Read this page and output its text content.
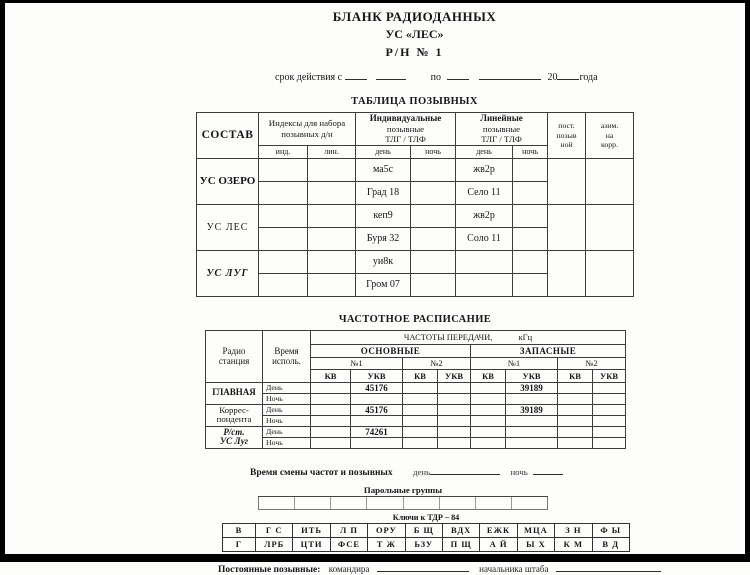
БЛАНК РАДИОДАННЫХ
УС «ЛЕС»
Р/Н № 1
срок действия с	по	20 года
ТАБЛИЦА ПОЗЫВНЫХ
СОСТАВ	
Индексы для набора
позывных д/н

Индивидуальные
позывные
ТЛГ / ТЛФ

Линейные
позывные
ТЛГ / ТЛФ

пост.
позыв
ной

азим.
на
корр.

	инд.	лин.	день	ночь	день	ночь		
УС ОЗЕРО			ма5с		жв2р			
			Град 18		Село 11			
УС ЛЕС			кеп9		жв2р			
			Буря 32		Соло 11			
УС ЛУГ			уи8к					
			Гром 07					
ЧАСТОТНОЕ РАСПИСАНИЕ
Радио
станция

Время
исполь.
	ЧАСТОТЫ ПЕРЕДАЧИ,	кГц
		ОСНОВНЫЕ				ЗАПАСНЫЕ			
		№1		№2		№1		№2	
		КВ	УКВ	КВ	УКВ	КВ	УКВ	КВ	УКВ
ГЛАВНАЯ	День		45176				39189		
	Ночь								

Коррес-
пондента	День		45176				39189		
	Ночь								

Р/ст.
УС Луг	День		74261						
	Ночь								
Время смены частот и позывных день	ночь
Парольные группы
Ключи к ТДР – 84
В	Г С	ИТЬ	Л П	ОРУ	Б Щ	ВДХ	ЕЖК	МЦА	З Н	Ф Ы
Г	ЛРБ	ЦТИ	ФСЕ	Т Ж	ЬЗУ	П Щ	А Й	Ы Х	К М	В Д
Постоянные позывные: командира	начальника штаба
